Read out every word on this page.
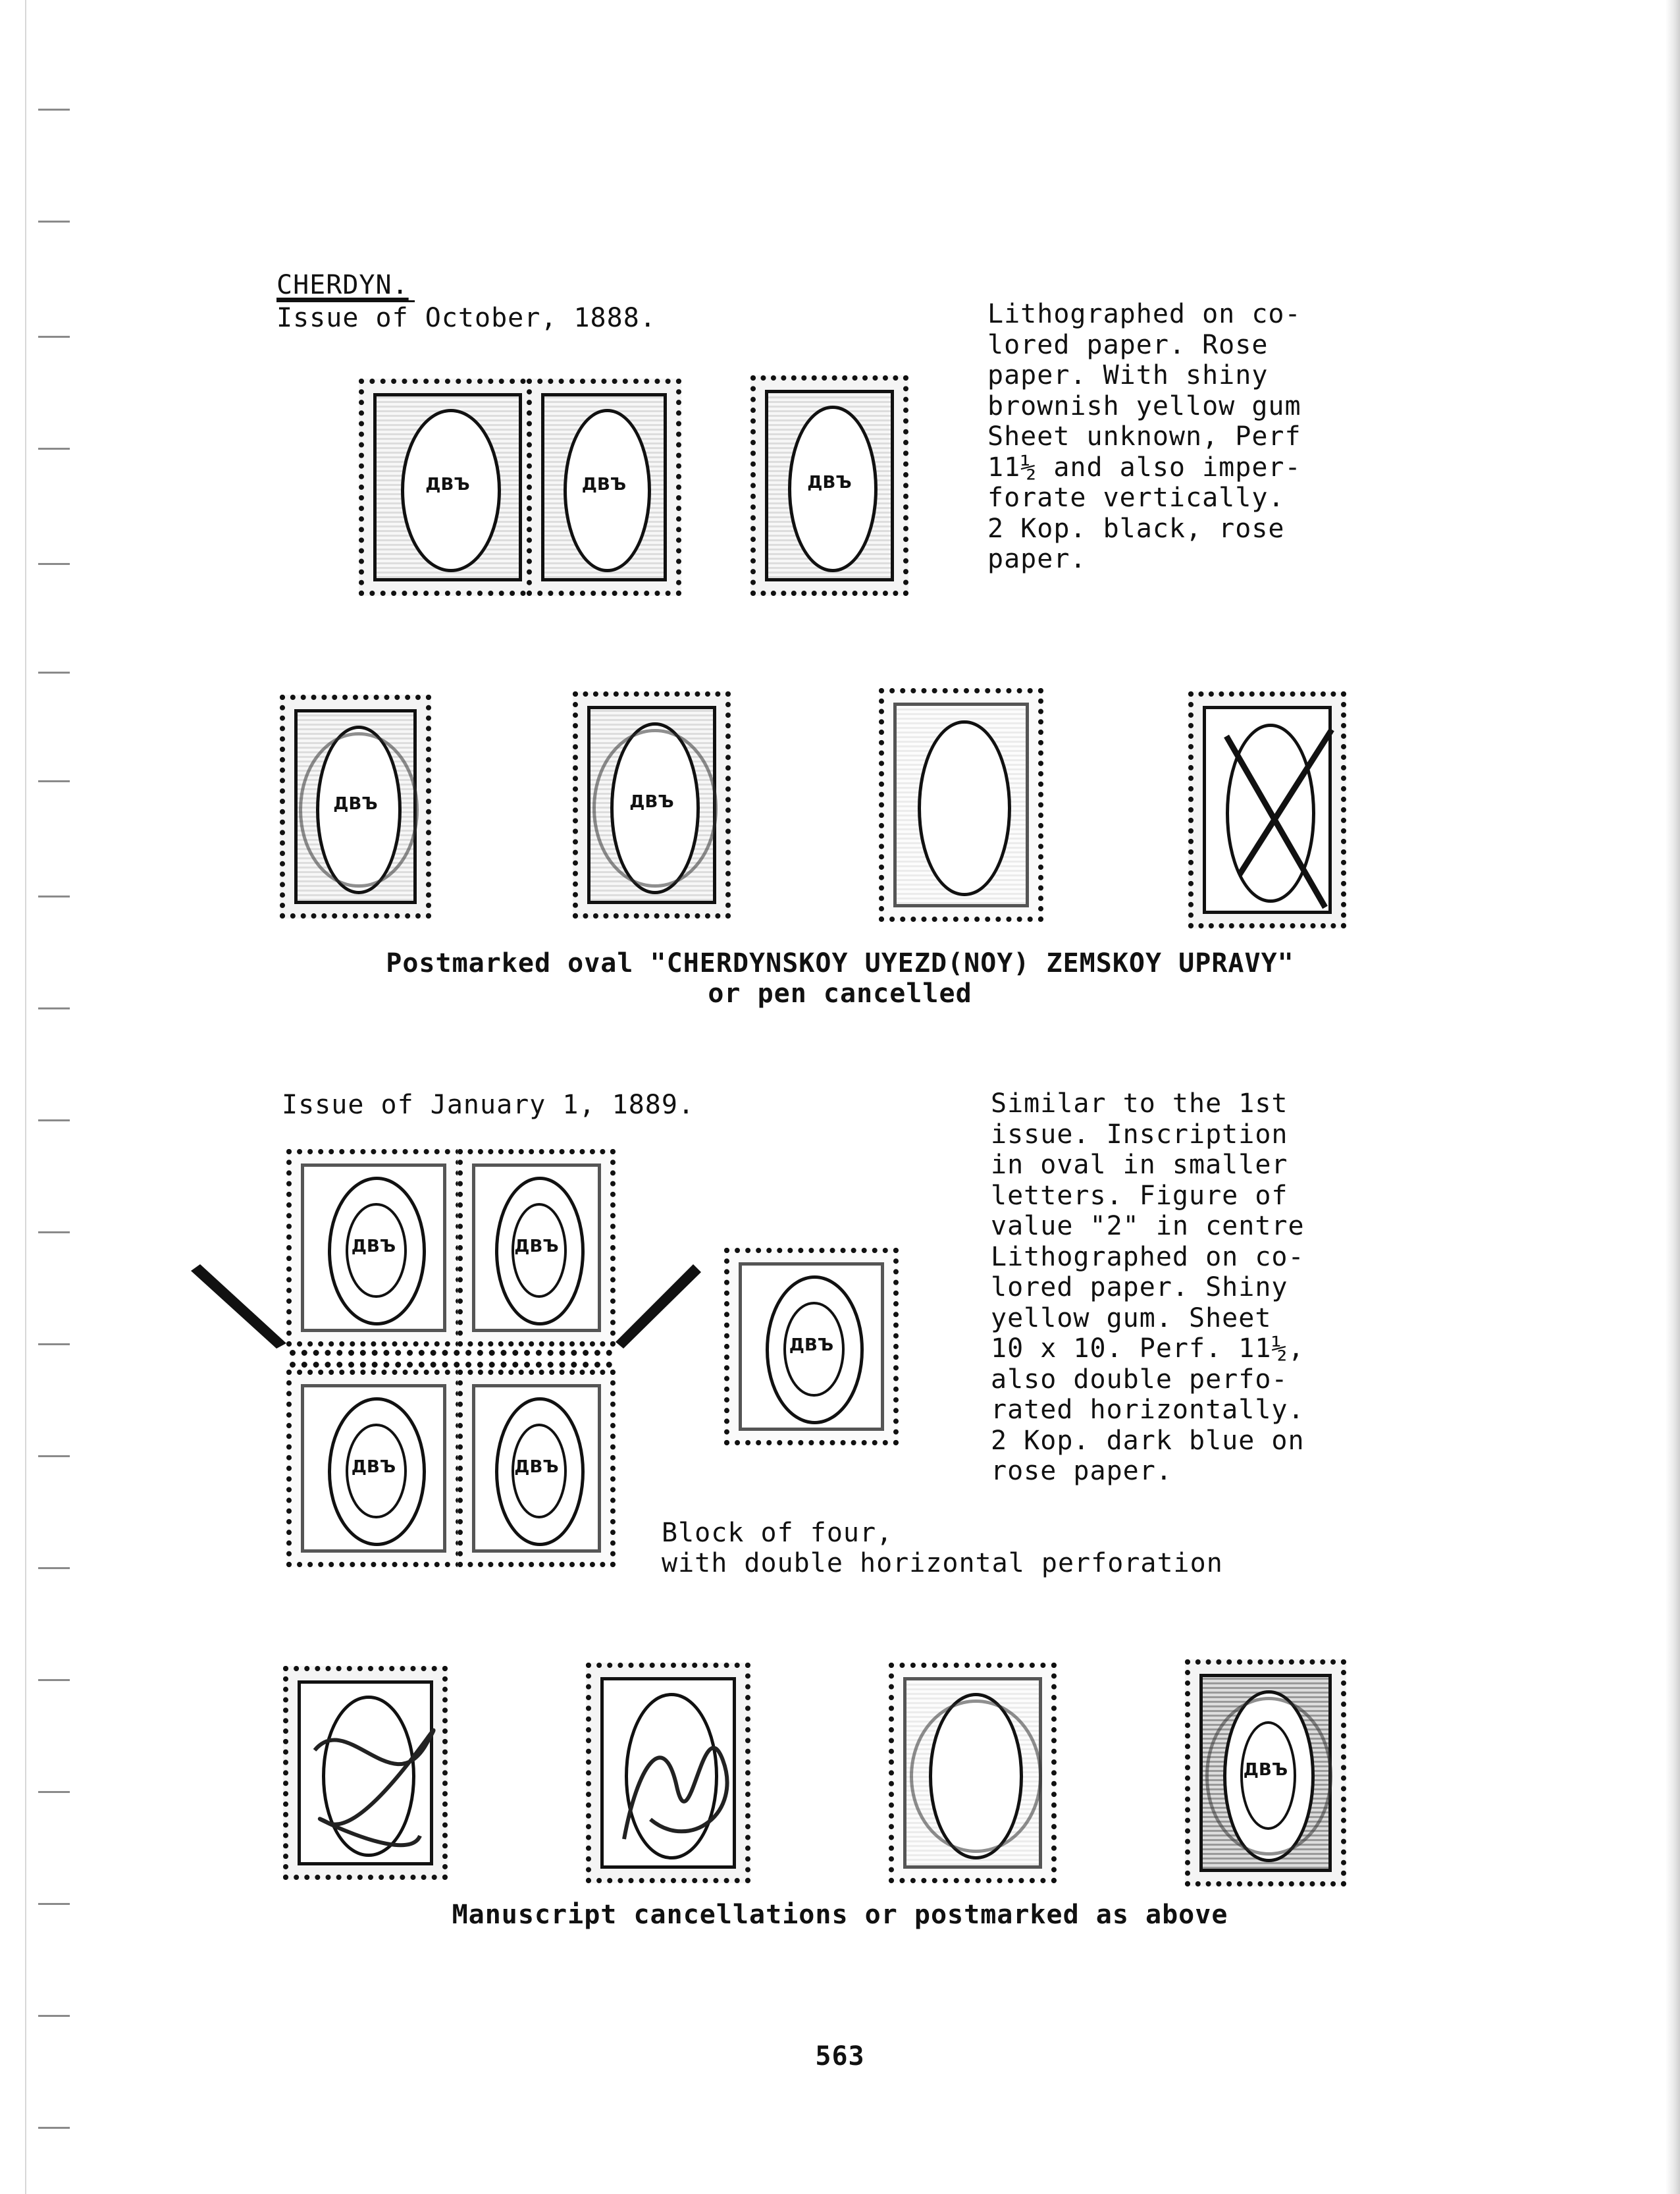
CHERDYN.
Issue of October, 1888.	Lithographed on co-
lored paper. Rose
paper. With shiny
brownish yellow gum
Sheet unknown, Perf
11½ and also imper-
forate vertically.
2 Kop. black, rose
paper.
ДВЪ	ДВЪ	ДВЪ
ДВЪ	ДВЪ
Postmarked oval "CHERDYNSKOY UYEZD(NOY) ZEMSKOY UPRAVY"
or pen cancelled
Issue of January 1, 1889.	Similar to the 1st
issue. Inscription
in oval in smaller
letters. Figure of
value "2" in centre
Lithographed on co-
lored paper. Shiny
yellow gum. Sheet
10 x 10. Perf. 11½,
also double perfo-
rated horizontally.
2 Kop. dark blue on
rose paper.
ДВЪ	ДВЪ
ДВЪ	ДВЪ
ДВЪ
Block of four,
with double horizontal perforation
ДВЪ
Manuscript cancellations or postmarked as above
563
